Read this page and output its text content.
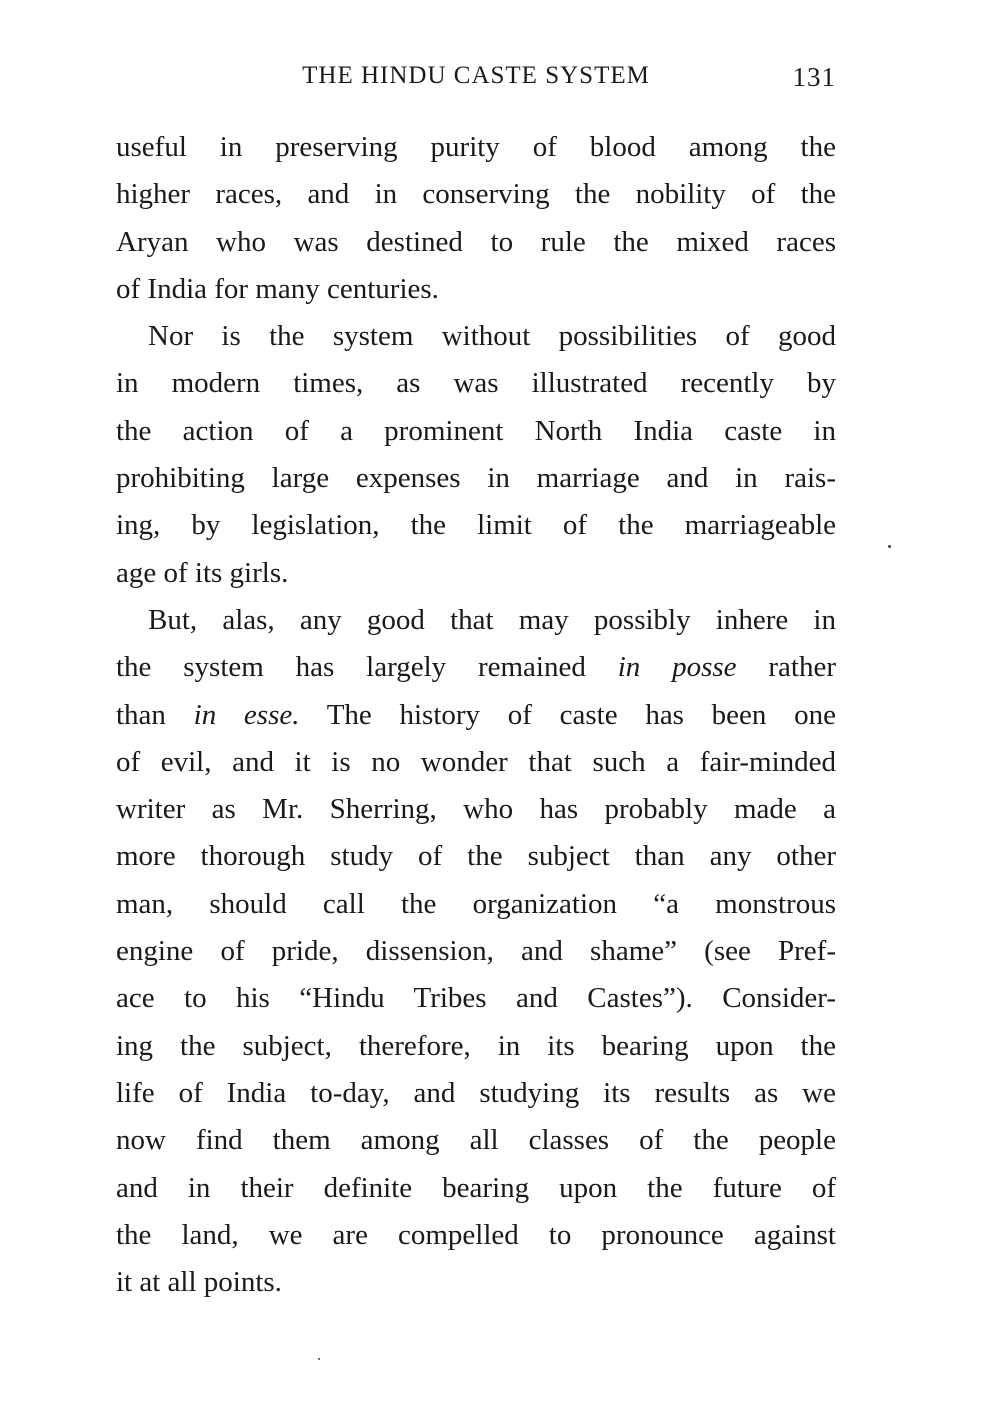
THE HINDU CASTE SYSTEM	131
useful in preserving purity of blood among the
higher races, and in conserving the nobility of the
Aryan who was destined to rule the mixed races
of India for many centuries.
Nor is the system without possibilities of good
in modern times, as was illustrated recently by
the action of a prominent North India caste in
prohibiting large expenses in marriage and in rais-
ing, by legislation, the limit of the marriageable
age of its girls.
But, alas, any good that may possibly inhere in
the system has largely remained in posse rather
than in esse. The history of caste has been one
of evil, and it is no wonder that such a fair-minded
writer as Mr. Sherring, who has probably made a
more thorough study of the subject than any other
man, should call the organization “a monstrous
engine of pride, dissension, and shame” (see Pref-
ace to his “Hindu Tribes and Castes”). Consider-
ing the subject, therefore, in its bearing upon the
life of India to-day, and studying its results as we
now find them among all classes of the people
and in their definite bearing upon the future of
the land, we are compelled to pronounce against
it at all points.
